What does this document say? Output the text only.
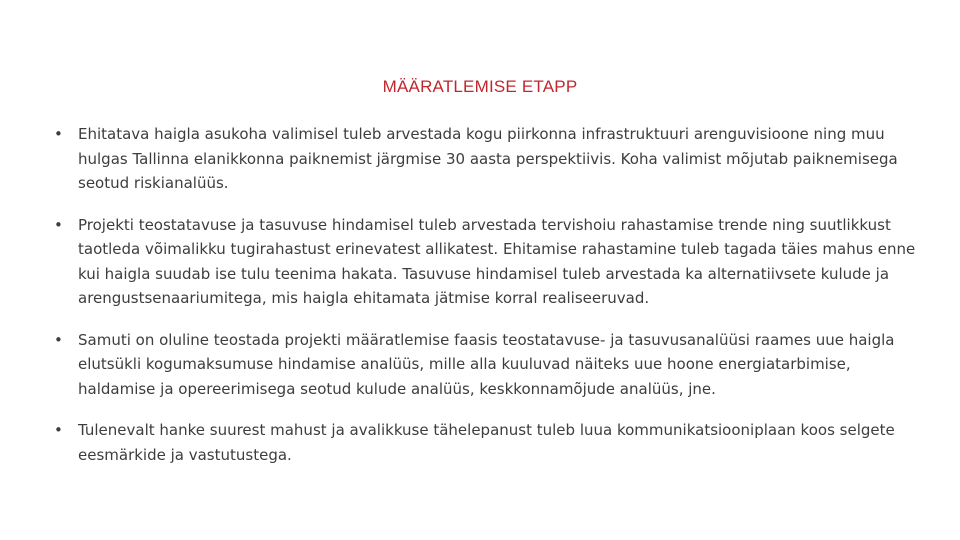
MÄÄRATLEMISE ETAPP
• Ehitatava haigla asukoha valimisel tuleb arvestada kogu piirkonna infrastruktuuri arenguvisioone ning muu hulgas Tallinna elanikkonna paiknemist järgmise 30 aasta perspektiivis. Koha valimist mõjutab paiknemisega seotud riskianalüüs.
• Projekti teostatavuse ja tasuvuse hindamisel tuleb arvestada tervishoiu rahastamise trende ning suutlikkust taotleda võimalikku tugirahastust erinevatest allikatest. Ehitamise rahastamine tuleb tagada täies mahus enne kui haigla suudab ise tulu teenima hakata. Tasuvuse hindamisel tuleb arvestada ka alternatiivsete kulude ja arengustsenaariumitega, mis haigla ehitamata jätmise korral realiseeruvad.
• Samuti on oluline teostada projekti määratlemise faasis teostatavuse- ja tasuvusanalüüsi raames uue haigla elutsükli kogumaksumuse hindamise analüüs, mille alla kuuluvad näiteks uue hoone energiatarbimise, haldamise ja opereerimisega seotud kulude analüüs, keskkonnamõjude analüüs, jne.
• Tulenevalt hanke suurest mahust ja avalikkuse tähelepanust tuleb luua kommunikatsiooniplaan koos selgete eesmärkide ja vastutustega.
